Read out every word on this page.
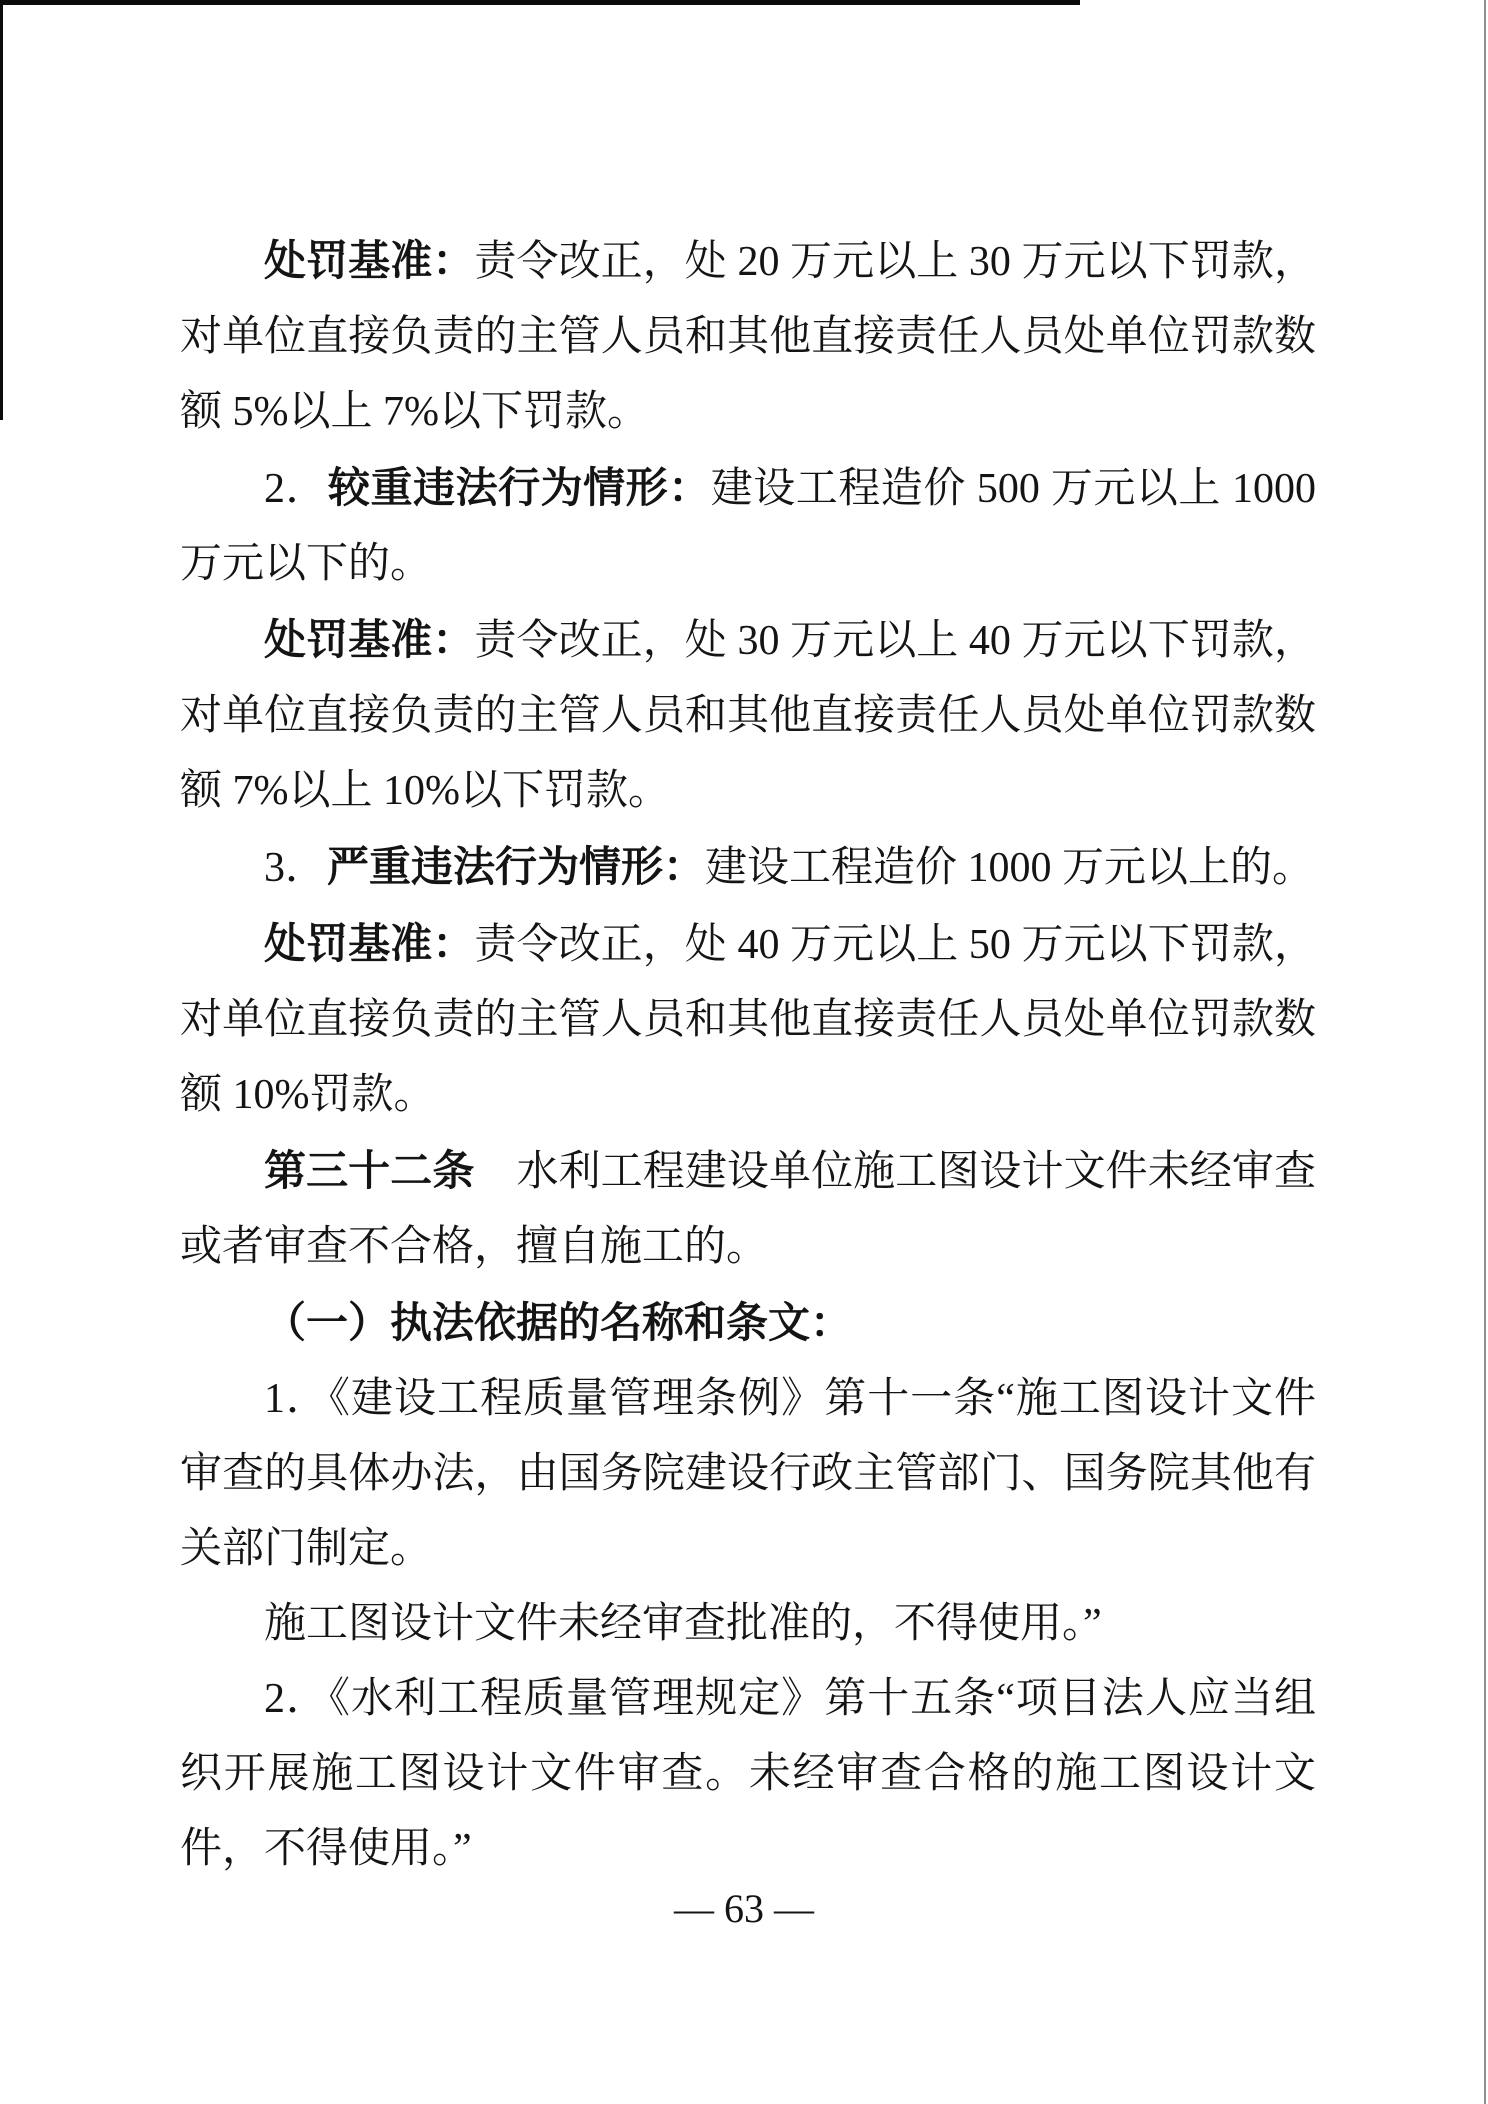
处罚基准：责令改正，处 20 万元以上 30 万元以下罚款，对单位直接负责的主管人员和其他直接责任人员处单位罚款数额 5%以上 7%以下罚款。

2．较重违法行为情形：建设工程造价 500 万元以上 1000 万元以下的。

处罚基准：责令改正，处 30 万元以上 40 万元以下罚款，对单位直接负责的主管人员和其他直接责任人员处单位罚款数额 7%以上 10%以下罚款。

3．严重违法行为情形：建设工程造价 1000 万元以上的。

处罚基准：责令改正，处 40 万元以上 50 万元以下罚款，对单位直接负责的主管人员和其他直接责任人员处单位罚款数额 10%罚款。

第三十二条　水利工程建设单位施工图设计文件未经审查或者审查不合格，擅自施工的。

（一）执法依据的名称和条文：

1．《建设工程质量管理条例》第十一条“施工图设计文件审查的具体办法，由国务院建设行政主管部门、国务院其他有关部门制定。

施工图设计文件未经审查批准的，不得使用。”

2．《水利工程质量管理规定》第十五条“项目法人应当组织开展施工图设计文件审查。未经审查合格的施工图设计文件，不得使用。”

— 63 —
